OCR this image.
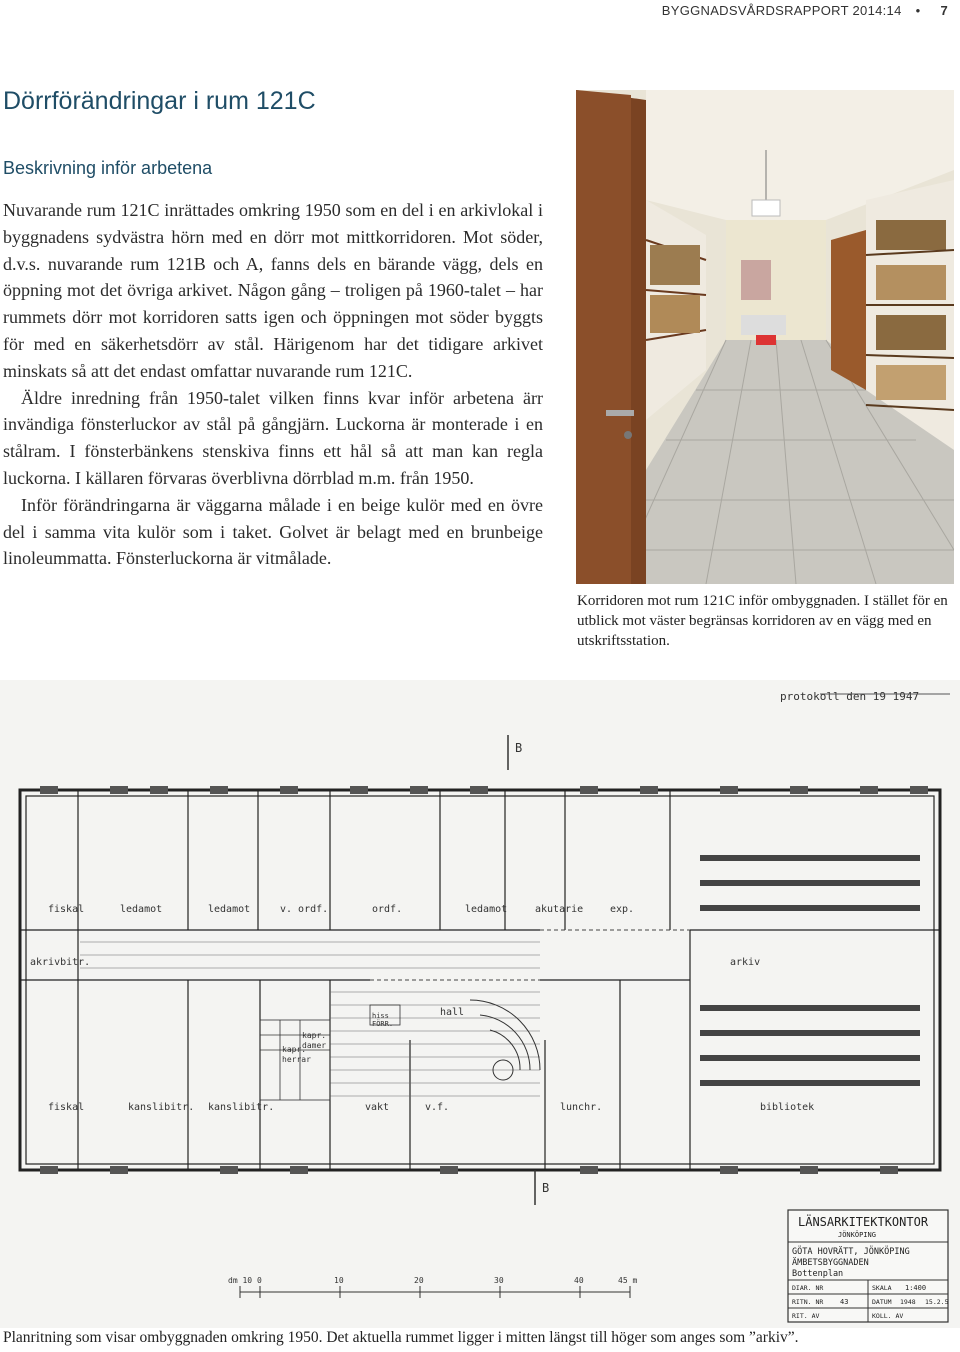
BYGGNADSVÅRDSRAPPORT 2014:14 • 7
Dörrförändringar i rum 121C
Beskrivning inför arbetena

Nuvarande rum 121C inrättades omkring 1950 som en del i en arkivlokal i byggnadens sydvästra hörn med en dörr mot mittkorridoren. Mot söder, d.v.s. nuvarande rum 121B och A, fanns dels en bärande vägg, dels en öppning mot det övriga arkivet. Någon gång – troligen på 1960-talet – har rummets dörr mot korridoren satts igen och öppningen mot söder byggts för med en säkerhetsdörr av stål. Härigenom har det tidigare arkivet minskats så att det endast omfattar nuvarande rum 121C.

Äldre inredning från 1950-talet vilken finns kvar inför arbetena ärr invändiga fönsterluckor av stål på gångjärn. Luckorna är monterade i en stålram. I fönsterbänkens stenskiva finns ett hål så att man kan regla luckorna. I källaren förvaras överblivna dörrblad m.m. från 1950.

Inför förändringarna är väggarna målade i en beige kulör med en övre del i samma vita kulör som i taket. Golvet är belagt med en brunbeige linoleummatta. Fönsterluckorna är vitmålade.

Korridoren mot rum 121C inför ombyggnaden. I stället för en utblick mot väster begränsas korridoren av en vägg med en utskriftsstation.
protokoll den 19 1947
B
fiskal	ledamot	ledamot	v. ordf.	ordf.	ledamot	akutarie	exp.
fiskal	kanslibitr. kanslibitr.	vakt	lunchr.	bibliotek
akrivbitr.	arkiv
hall
v.f.
herrar
damer
kapr.
kapr.
hiss
FÖRR.
B
dm 10 0	10	20	30	40	45 m
LÄNSARKITEKTKONTOR
JÖNKÖPING
GÖTA HOVRÄTT, JÖNKÖPING
ÄMBETSBYGGNADEN
Bottenplan
DIAR. NR	SKALA 1:400
RITN. NR 43	DATUM 1948 15.2.5
RIT. AV	KOLL. AV
Planritning som visar ombyggnaden omkring 1950. Det aktuella rummet ligger i mitten längst till höger som anges som ”arkiv”.
